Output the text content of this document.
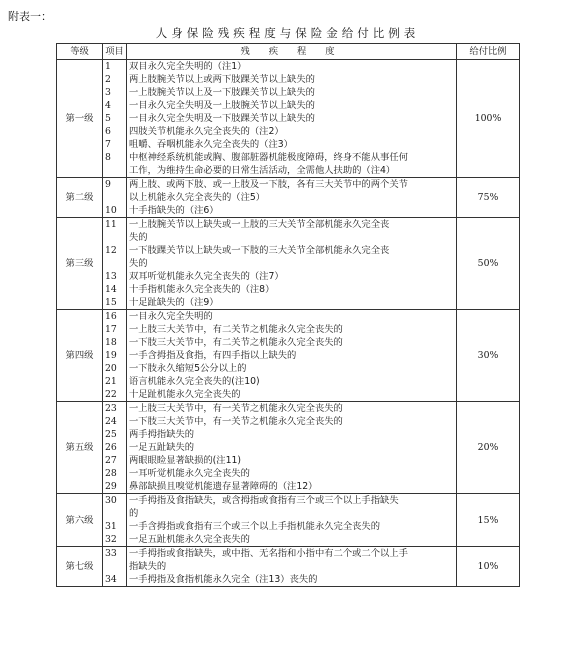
附表一：
人身保险残疾程度与保险金给付比例表
等级	项目	残 疾 程 度	给付比例
第一级	1	双目永久完全失明的（注1）	100%
	2	两上肢腕关节以上或两下肢踝关节以上缺失的	

	3	一上肢腕关节以上及一下肢踝关节以上缺失的	

	4	一目永久完全失明及一上肢腕关节以上缺失的	

	5	一目永久完全失明及一下肢踝关节以上缺失的	

	6	四肢关节机能永久完全丧失的（注2）	

	7	咀嚼、吞咽机能永久完全丧失的（注3）	

	8	中枢神经系统机能或胸、腹部脏器机能极度障碍，终身不能从事任何
工作，为维持生命必要的日常生活活动，全需他人扶助的（注4）	

第二级	9	两上肢、或两下肢、或一上肢及一下肢，各有三大关节中的两个关节
以上机能永久完全丧失的（注5）	75%
	10	十手指缺失的（注6）	

第三级	11	一上肢腕关节以上缺失或一上肢的三大关节全部机能永久完全丧
失的	50%
	12	一下肢踝关节以上缺失或一下肢的三大关节全部机能永久完全丧
失的	

	13	双耳听觉机能永久完全丧失的（注7）	

	14	十手指机能永久完全丧失的（注8）	

	15	十足趾缺失的（注9）	

第四级	16	一目永久完全失明的	30%
	17	一上肢三大关节中，有二关节之机能永久完全丧失的	

	18	一下肢三大关节中，有二关节之机能永久完全丧失的	

	19	一手含拇指及食指，有四手指以上缺失的	

	20	一下肢永久缩短5公分以上的	

	21	语言机能永久完全丧失的(注10)	

	22	十足趾机能永久完全丧失的	

第五级	23	一上肢三大关节中，有一关节之机能永久完全丧失的	20%
	24	一下肢三大关节中，有一关节之机能永久完全丧失的	

	25	两手拇指缺失的	

	26	一足五趾缺失的	

	27	两眼眼睑显著缺损的(注11)	

	28	一耳听觉机能永久完全丧失的	

	29	鼻部缺损且嗅觉机能遗存显著障碍的（注12）	

第六级	30	一手拇指及食指缺失，或含拇指或食指有三个或三个以上手指缺失
的	15%
	31	一手含拇指或食指有三个或三个以上手指机能永久完全丧失的	

	32	一足五趾机能永久完全丧失的	

第七级	33	一手拇指或食指缺失，或中指、无名指和小指中有二个或二个以上手
指缺失的	10%
	34	一手拇指及食指机能永久完全（注13）丧失的	
